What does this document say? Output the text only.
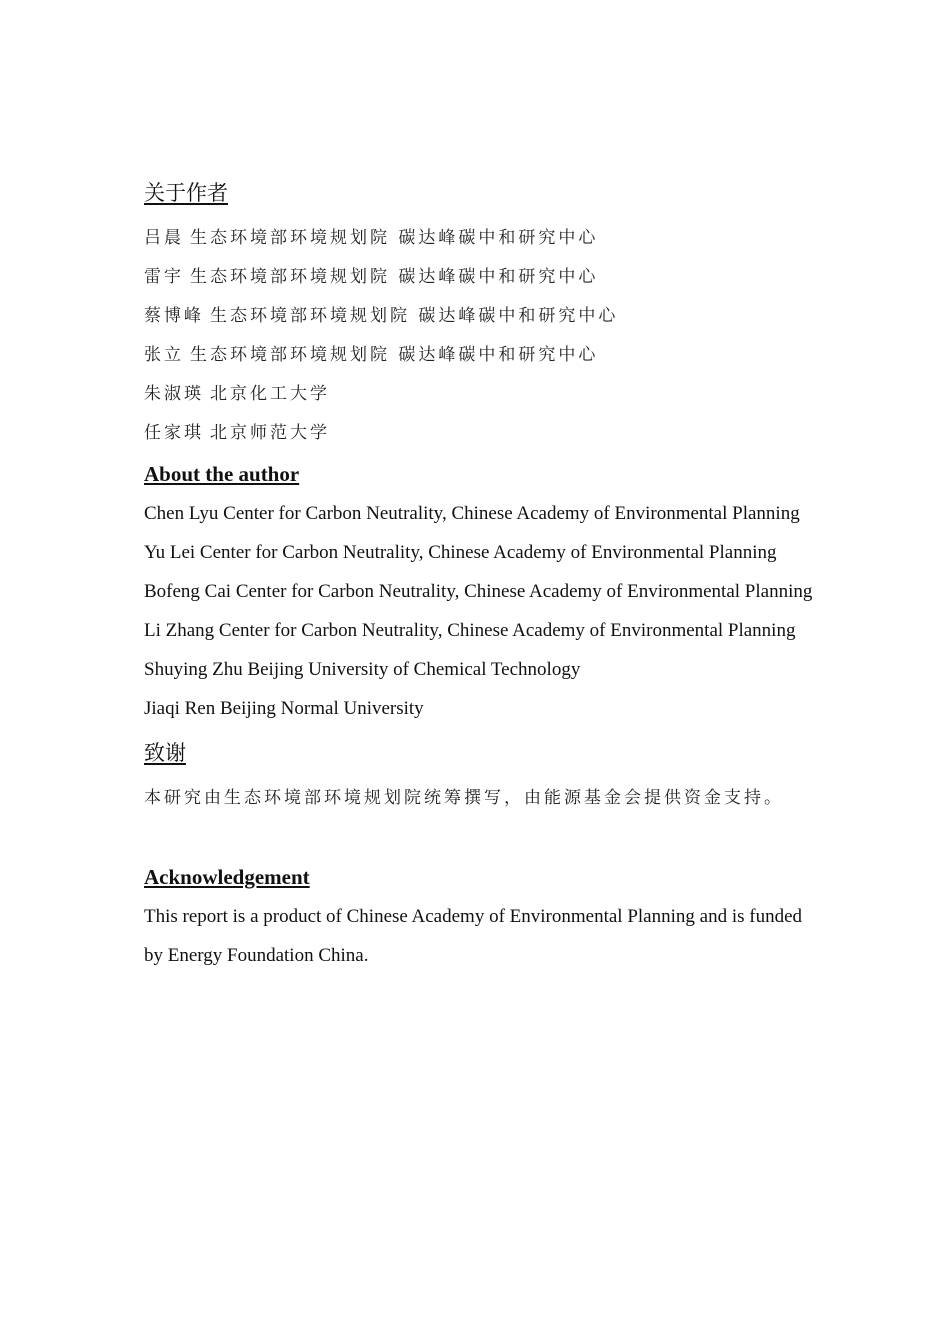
关于作者
吕晨 生态环境部环境规划院 碳达峰碳中和研究中心
雷宇 生态环境部环境规划院 碳达峰碳中和研究中心
蔡博峰 生态环境部环境规划院 碳达峰碳中和研究中心
张立 生态环境部环境规划院 碳达峰碳中和研究中心
朱淑瑛 北京化工大学
任家琪 北京师范大学
About the author
Chen Lyu Center for Carbon Neutrality, Chinese Academy of Environmental Planning
Yu Lei Center for Carbon Neutrality, Chinese Academy of Environmental Planning
Bofeng Cai Center for Carbon Neutrality, Chinese Academy of Environmental Planning
Li Zhang Center for Carbon Neutrality, Chinese Academy of Environmental Planning
Shuying Zhu Beijing University of Chemical Technology
Jiaqi Ren Beijing Normal University
致谢
本研究由生态环境部环境规划院统筹撰写，由能源基金会提供资金支持。
Acknowledgement
This report is a product of Chinese Academy of Environmental Planning and is funded
by Energy Foundation China.
